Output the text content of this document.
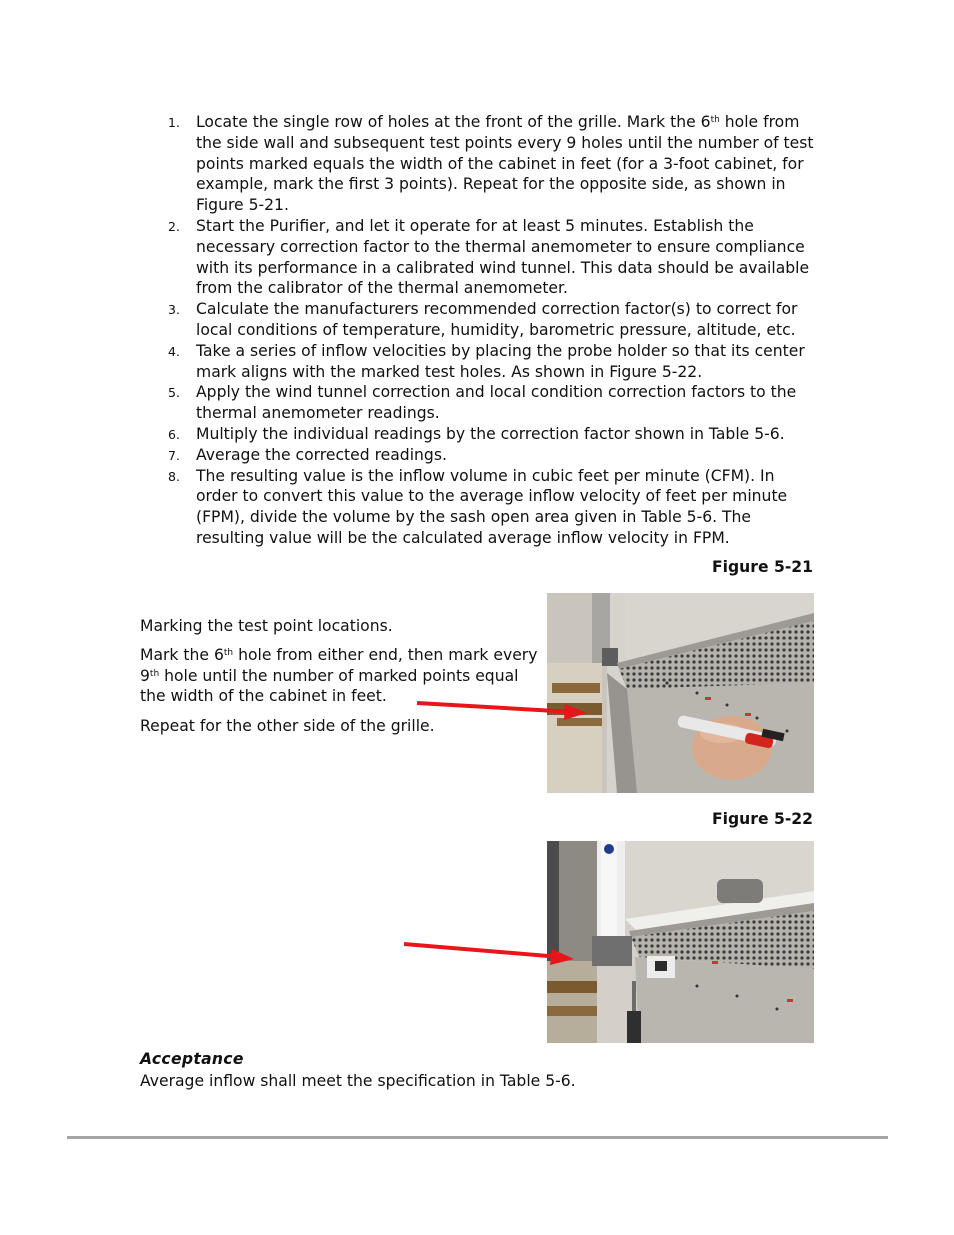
1. Locate the single row of holes at the front of the grille. Mark the 6th hole from the side wall and subsequent test points every 9 holes until the number of test points marked equals the width of the cabinet in feet (for a 3-foot cabinet, for example, mark the first 3 points). Repeat for the opposite side, as shown in Figure 5-21.
2. Start the Purifier, and let it operate for at least 5 minutes. Establish the necessary correction factor to the thermal anemometer to ensure compliance with its performance in a calibrated wind tunnel. This data should be available from the calibrator of the thermal anemometer.
3. Calculate the manufacturers recommended correction factor(s) to correct for local conditions of temperature, humidity, barometric pressure, altitude, etc.
4. Take a series of inflow velocities by placing the probe holder so that its center mark aligns with the marked test holes. As shown in Figure 5-22.
5. Apply the wind tunnel correction and local condition correction factors to the thermal anemometer readings.
6. Multiply the individual readings by the correction factor shown in Table 5-6.
7. Average the corrected readings.
8. The resulting value is the inflow volume in cubic feet per minute (CFM). In order to convert this value to the average inflow velocity of feet per minute (FPM), divide the volume by the sash open area given in Table 5-6. The resulting value will be the calculated average inflow velocity in FPM.
Figure 5-21

Marking the test point locations.

Mark the 6th hole from either end, then mark every 9th hole until the number of marked points equal the width of the cabinet in feet.

Repeat for the other side of the grille.

Figure 5-22
Acceptance
Average inflow shall meet the specification in Table 5-6.
